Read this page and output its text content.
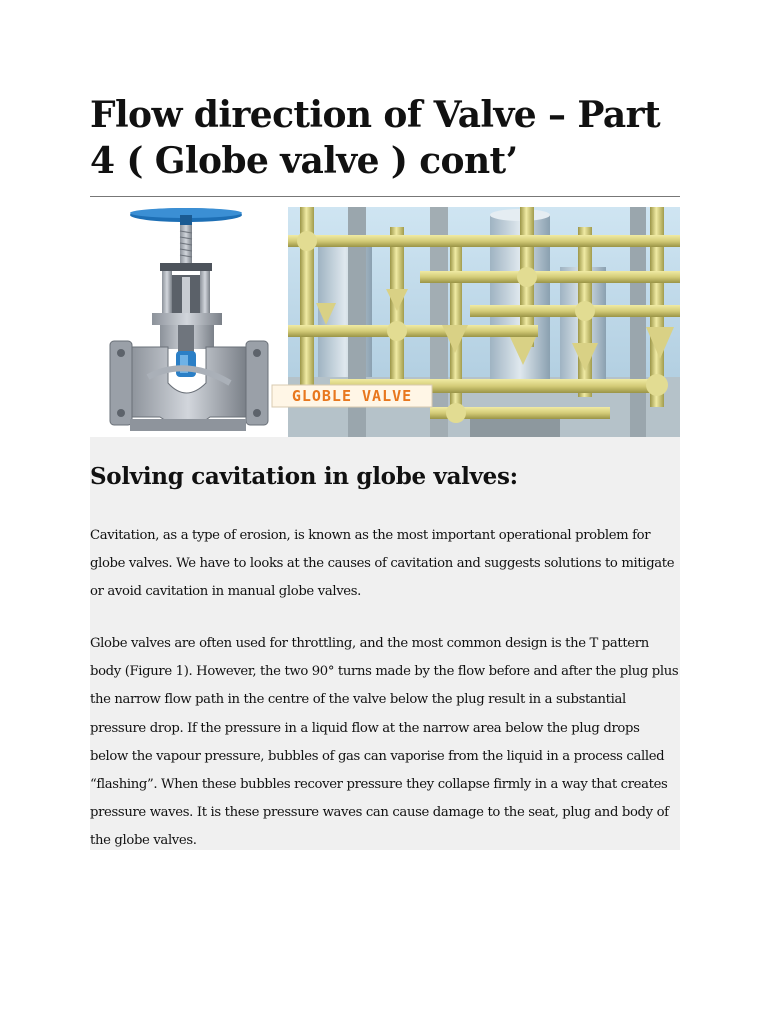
Flow direction of Valve – Part 4 ( Globe valve ) cont’
GLOBLE VALVE
Solving cavitation in globe valves:

Cavitation, as a type of erosion, is known as the most important operational problem for globe valves. We have to looks at the causes of cavitation and suggests solutions to mitigate or avoid cavitation in manual globe valves.

Globe valves are often used for throttling, and the most common design is the T pattern body (Figure 1). However, the two 90° turns made by the flow before and after the plug plus the narrow flow path in the centre of the valve below the plug result in a substantial pressure drop. If the pressure in a liquid flow at the narrow area below the plug drops below the vapour pressure, bubbles of gas can vaporise from the liquid in a process called “flashing”. When these bubbles recover pressure they collapse firmly in a way that creates pressure waves. It is these pressure waves can cause damage to the seat, plug and body of the globe valves.
